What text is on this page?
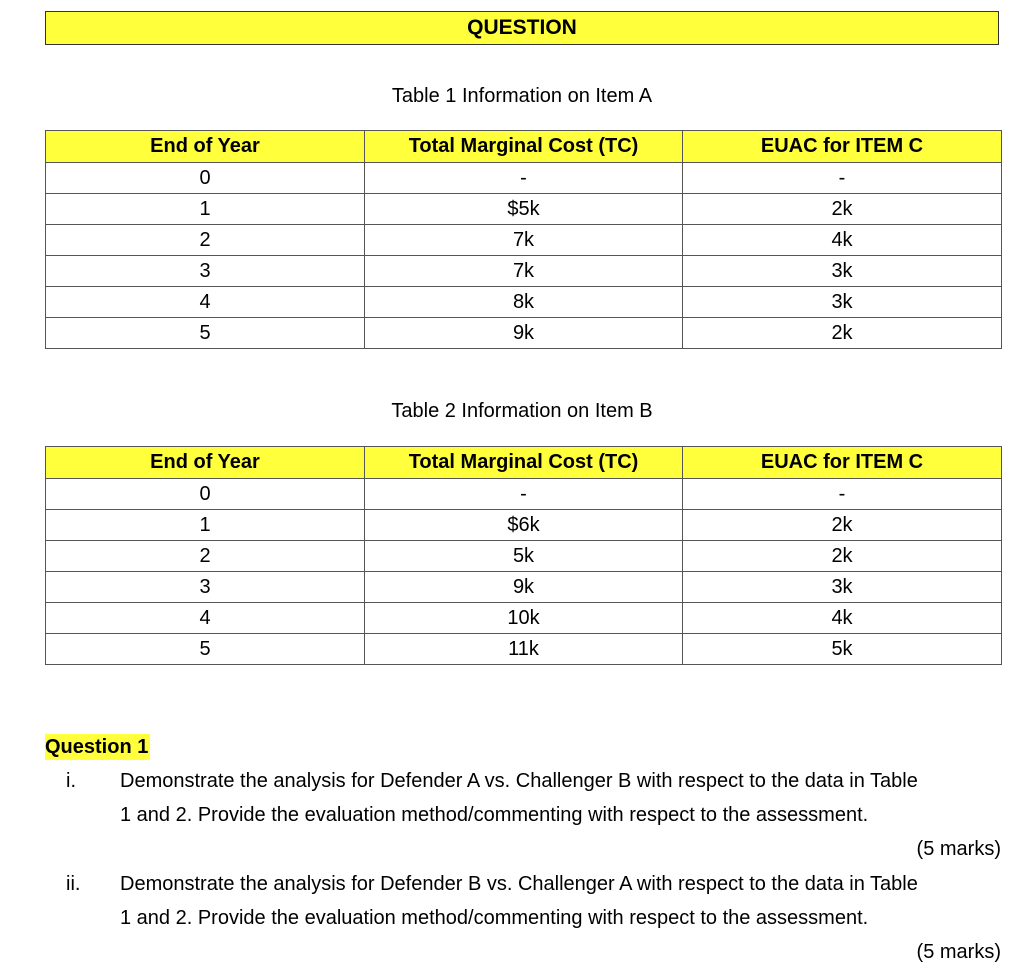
QUESTION
Table 1 Information on Item A
End of Year	Total Marginal Cost (TC)	EUAC for ITEM C
0	-	-
1	$5k	2k
2	7k	4k
3	7k	3k
4	8k	3k
5	9k	2k
Table 2 Information on Item B
End of Year	Total Marginal Cost (TC)	EUAC for ITEM C
0	-	-
1	$6k	2k
2	5k	2k
3	9k	3k
4	10k	4k
5	11k	5k
Question 1
i. Demonstrate the analysis for Defender A vs. Challenger B with respect to the data in Table
1 and 2. Provide the evaluation method/commenting with respect to the assessment.
(5 marks)
ii. Demonstrate the analysis for Defender B vs. Challenger A with respect to the data in Table
1 and 2. Provide the evaluation method/commenting with respect to the assessment.
(5 marks)
